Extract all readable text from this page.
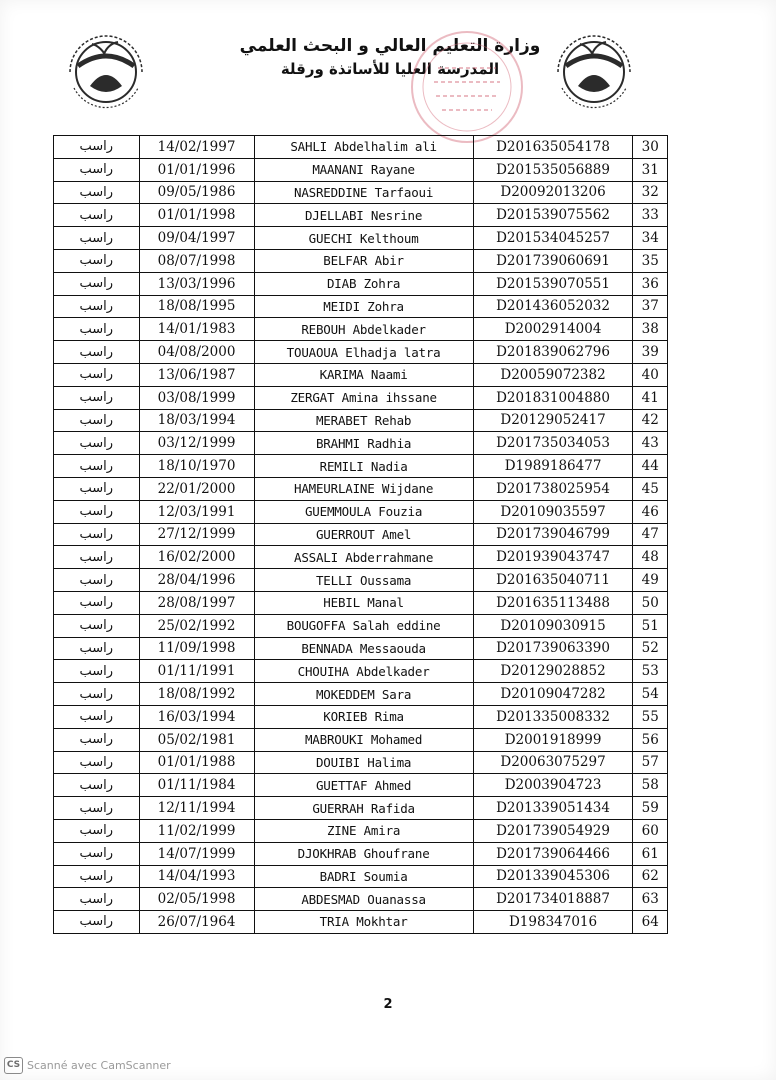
وزارة التعليم العالي و البحث العلمي
المدرسة العليا للأساتذة ورقلة
راسب	14/02/1997	SAHLI Abdelhalim ali	D201635054178	30
راسب	01/01/1996	MAANANI Rayane	D201535056889	31
راسب	09/05/1986	NASREDDINE Tarfaoui	D20092013206	32
راسب	01/01/1998	DJELLABI Nesrine	D201539075562	33
راسب	09/04/1997	GUECHI Kelthoum	D201534045257	34
راسب	08/07/1998	BELFAR Abir	D201739060691	35
راسب	13/03/1996	DIAB Zohra	D201539070551	36
راسب	18/08/1995	MEIDI Zohra	D201436052032	37
راسب	14/01/1983	REBOUH Abdelkader	D2002914004	38
راسب	04/08/2000	TOUAOUA Elhadja latra	D201839062796	39
راسب	13/06/1987	KARIMA Naami	D20059072382	40
راسب	03/08/1999	ZERGAT Amina ihssane	D201831004880	41
راسب	18/03/1994	MERABET Rehab	D20129052417	42
راسب	03/12/1999	BRAHMI Radhia	D201735034053	43
راسب	18/10/1970	REMILI Nadia	D1989186477	44
راسب	22/01/2000	HAMEURLAINE Wijdane	D201738025954	45
راسب	12/03/1991	GUEMMOULA Fouzia	D20109035597	46
راسب	27/12/1999	GUERROUT Amel	D201739046799	47
راسب	16/02/2000	ASSALI Abderrahmane	D201939043747	48
راسب	28/04/1996	TELLI Oussama	D201635040711	49
راسب	28/08/1997	HEBIL Manal	D201635113488	50
راسب	25/02/1992	BOUGOFFA Salah eddine	D20109030915	51
راسب	11/09/1998	BENNADA Messaouda	D201739063390	52
راسب	01/11/1991	CHOUIHA Abdelkader	D20129028852	53
راسب	18/08/1992	MOKEDDEM Sara	D20109047282	54
راسب	16/03/1994	KORIEB Rima	D201335008332	55
راسب	05/02/1981	MABROUKI Mohamed	D2001918999	56
راسب	01/01/1988	DOUIBI Halima	D20063075297	57
راسب	01/11/1984	GUETTAF Ahmed	D2003904723	58
راسب	12/11/1994	GUERRAH Rafida	D201339051434	59
راسب	11/02/1999	ZINE Amira	D201739054929	60
راسب	14/07/1999	DJOKHRAB Ghoufrane	D201739064466	61
راسب	14/04/1993	BADRI Soumia	D201339045306	62
راسب	02/05/1998	ABDESMAD Ouanassa	D201734018887	63
راسب	26/07/1964	TRIA Mokhtar	D198347016	64
2
CS Scanné avec CamScanner
